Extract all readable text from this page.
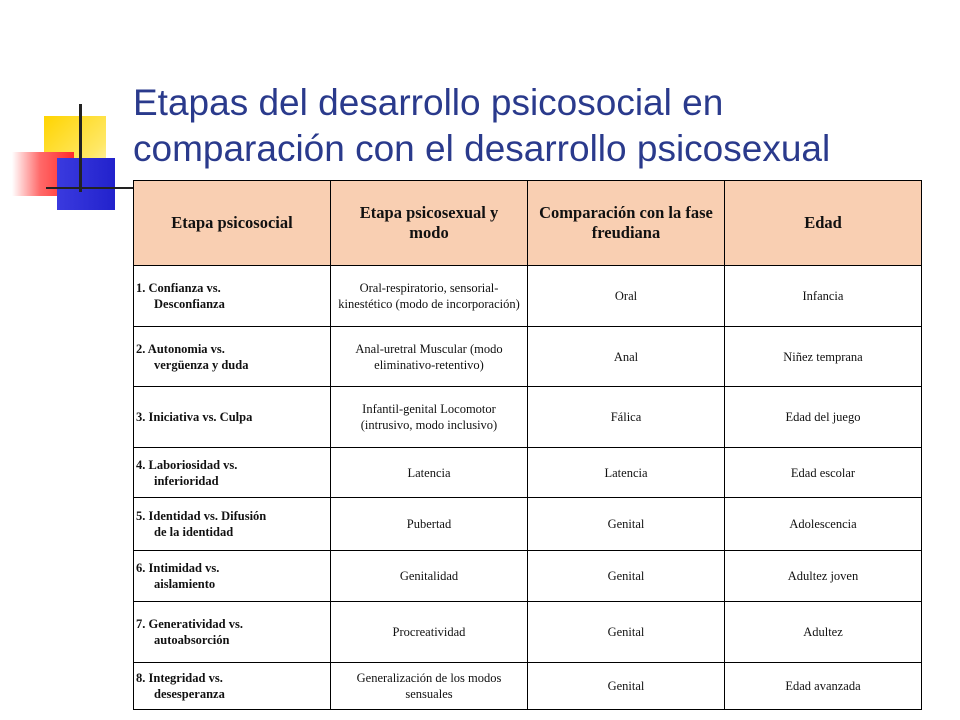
Etapas del desarrollo psicosocial en
comparación con el desarrollo psicosexual
Etapa psicosocial	Etapa psicosexual y modo	Comparación con la fase freudiana	Edad
1. Confianza vs.
Desconfianza	Oral-respiratorio, sensorial-kinestético (modo de incorporación)	Oral	Infancia
2. Autonomia vs.
vergüenza y duda	Anal-uretral Muscular (modo eliminativo-retentivo)	Anal	Niñez temprana
3. Iniciativa vs. Culpa	Infantil-genital Locomotor (intrusivo, modo inclusivo)	Fálica	Edad del juego
4. Laboriosidad vs.
inferioridad	Latencia	Latencia	Edad escolar
5. Identidad vs. Difusión
de la identidad	Pubertad	Genital	Adolescencia
6. Intimidad vs.
aislamiento	Genitalidad	Genital	Adultez joven
7. Generatividad vs.
autoabsorción	Procreatividad	Genital	Adultez
8. Integridad vs.
desesperanza	Generalización de los modos sensuales	Genital	Edad avanzada
